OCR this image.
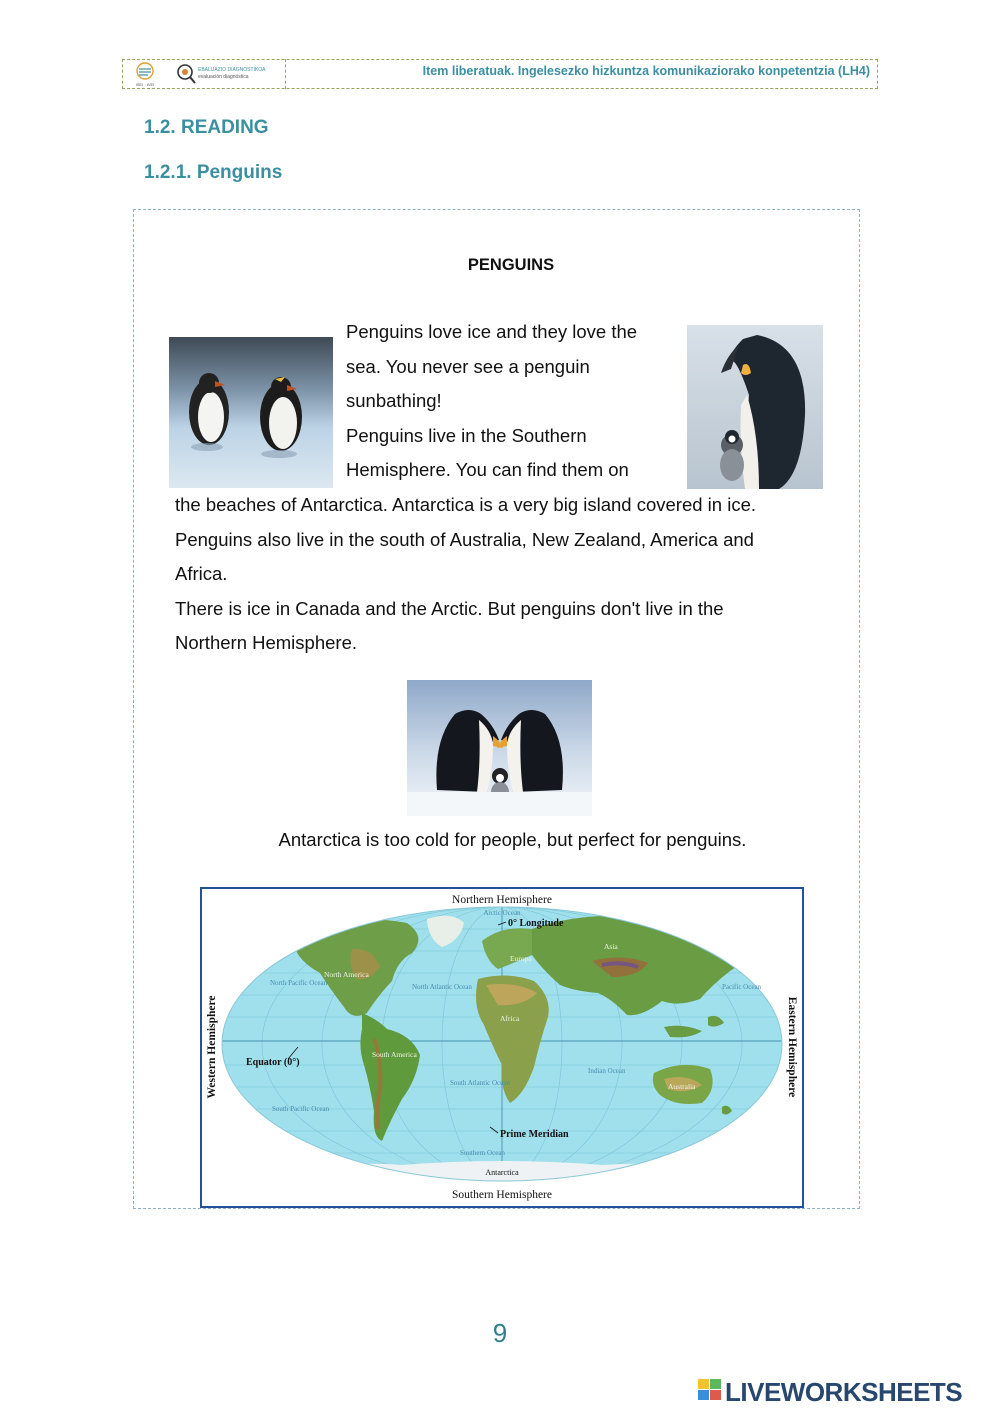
ISEI · IVEI
EBALUAZIO DIAGNOSTIKOA
evaluación diagnóstica	Item liberatuak. Ingelesezko hizkuntza komunikaziorako konpetentzia (LH4)
1.2. READING
1.2.1. Penguins
PENGUINS
Penguins love ice and they love the
sea. You never see a penguin
sunbathing!
Penguins live in the Southern
Hemisphere. You can find them on
the beaches of Antarctica. Antarctica is a very big island covered in ice.
Penguins also live in the south of Australia, New Zealand, America and
Africa.
There is ice in Canada and the Arctic. But penguins don't live in the
Northern Hemisphere.
Antarctica is too cold for people, but perfect for penguins.
Northern Hemisphere
Southern Hemisphere
Western Hemisphere	Eastern Hemisphere
0° Longitude
Equator (0°)
Prime Meridian
North America
South America
Europe
Asia
Africa
Australia
Antarctica
Arctic Ocean
North Pacific Ocean	North Atlantic Ocean
South Atlantic Ocean
South Pacific Ocean
Indian Ocean
Southern Ocean
Pacific Ocean
9
LIVEWORKSHEETS
